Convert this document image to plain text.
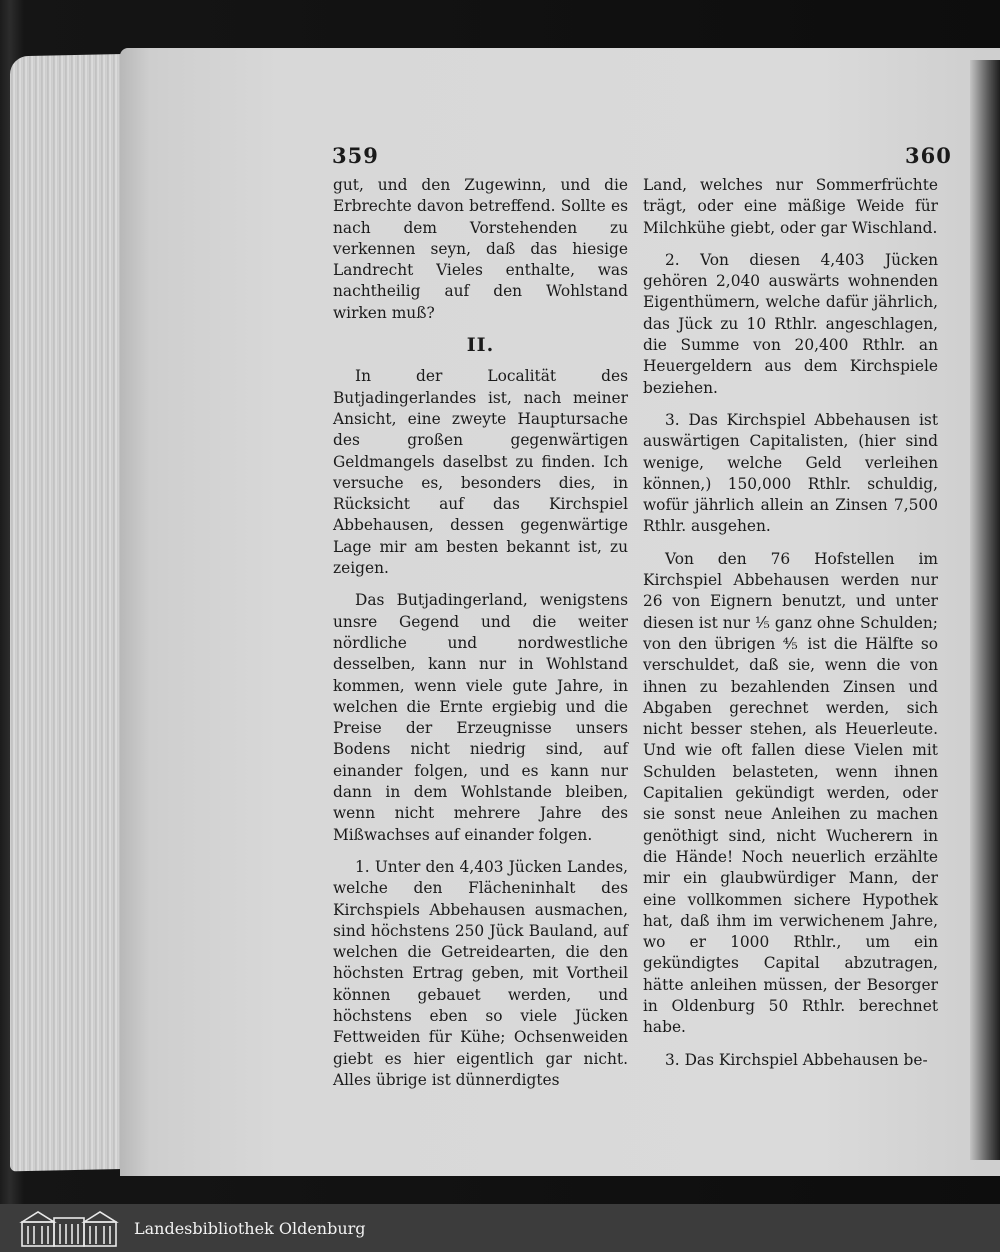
359	360

gut, und den Zugewinn, und die Erbrechte davon betreffend. Sollte es nach dem Vorstehenden zu verkennen seyn, daß das hiesige Landrecht Vieles enthalte, was nachtheilig auf den Wohlstand wirken muß?

II.

In der Localität des Butjadingerlandes ist, nach meiner Ansicht, eine zweyte Hauptursache des großen gegenwärtigen Geldmangels daselbst zu finden. Ich versuche es, besonders dies, in Rücksicht auf das Kirchspiel Abbehausen, dessen gegenwärtige Lage mir am besten bekannt ist, zu zeigen.

Das Butjadingerland, wenigstens unsre Gegend und die weiter nördliche und nordwestliche desselben, kann nur in Wohlstand kommen, wenn viele gute Jahre, in welchen die Ernte ergiebig und die Preise der Erzeugnisse unsers Bodens nicht niedrig sind, auf einander folgen, und es kann nur dann in dem Wohlstande bleiben, wenn nicht mehrere Jahre des Mißwachses auf einander folgen.

1. Unter den 4,403 Jücken Landes, welche den Flächeninhalt des Kirchspiels Abbehausen ausmachen, sind höchstens 250 Jück Bauland, auf welchen die Getreidearten, die den höchsten Ertrag geben, mit Vortheil können gebauet werden, und höchstens eben so viele Jücken Fettweiden für Kühe; Ochsenweiden giebt es hier eigentlich gar nicht. Alles übrige ist dünnerdigtes

Land, welches nur Sommerfrüchte trägt, oder eine mäßige Weide für Milchkühe giebt, oder gar Wischland.

2. Von diesen 4,403 Jücken gehören 2,040 auswärts wohnenden Eigenthümern, welche dafür jährlich, das Jück zu 10 Rthlr. angeschlagen, die Summe von 20,400 Rthlr. an Heuergeldern aus dem Kirchspiele beziehen.

3. Das Kirchspiel Abbehausen ist auswärtigen Capitalisten, (hier sind wenige, welche Geld verleihen können,) 150,000 Rthlr. schuldig, wofür jährlich allein an Zinsen 7,500 Rthlr. ausgehen.

Von den 76 Hofstellen im Kirchspiel Abbehausen werden nur 26 von Eignern benutzt, und unter diesen ist nur ⅕ ganz ohne Schulden; von den übrigen ⅘ ist die Hälfte so verschuldet, daß sie, wenn die von ihnen zu bezahlenden Zinsen und Abgaben gerechnet werden, sich nicht besser stehen, als Heuerleute. Und wie oft fallen diese Vielen mit Schulden belasteten, wenn ihnen Capitalien gekündigt werden, oder sie sonst neue Anleihen zu machen genöthigt sind, nicht Wucherern in die Hände! Noch neuerlich erzählte mir ein glaubwürdiger Mann, der eine vollkommen sichere Hypothek hat, daß ihm im verwichenem Jahre, wo er 1000 Rthlr., um ein gekündigtes Capital abzutragen, hätte anleihen müssen, der Besorger in Oldenburg 50 Rthlr. berechnet habe.

3. Das Kirchspiel Abbehausen be-

Landesbibliothek Oldenburg
